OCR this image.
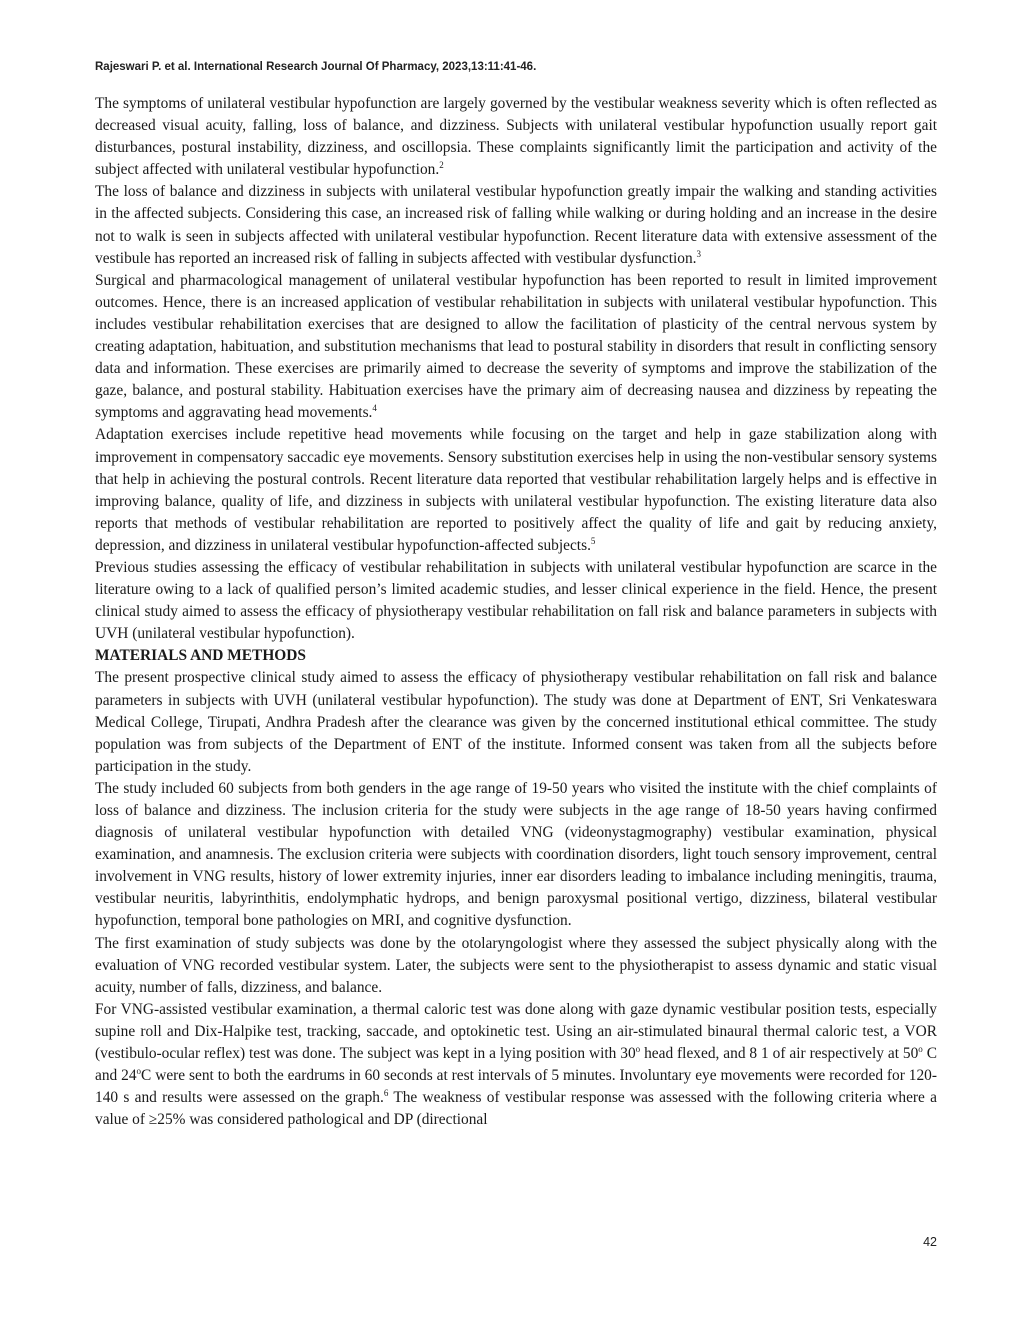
Rajeswari P. et al. International Research Journal Of Pharmacy, 2023,13:11:41-46.

The symptoms of unilateral vestibular hypofunction are largely governed by the vestibular weakness severity which is often reflected as decreased visual acuity, falling, loss of balance, and dizziness. Subjects with unilateral vestibular hypofunction usually report gait disturbances, postural instability, dizziness, and oscillopsia. These complaints significantly limit the participation and activity of the subject affected with unilateral vestibular hypofunction.$^2$

The loss of balance and dizziness in subjects with unilateral vestibular hypofunction greatly impair the walking and standing activities in the affected subjects. Considering this case, an increased risk of falling while walking or during holding and an increase in the desire not to walk is seen in subjects affected with unilateral vestibular hypofunction. Recent literature data with extensive assessment of the vestibule has reported an increased risk of falling in subjects affected with vestibular dysfunction.$^3$

Surgical and pharmacological management of unilateral vestibular hypofunction has been reported to result in limited improvement outcomes. Hence, there is an increased application of vestibular rehabilitation in subjects with unilateral vestibular hypofunction. This includes vestibular rehabilitation exercises that are designed to allow the facilitation of plasticity of the central nervous system by creating adaptation, habituation, and substitution mechanisms that lead to postural stability in disorders that result in conflicting sensory data and information. These exercises are primarily aimed to decrease the severity of symptoms and improve the stabilization of the gaze, balance, and postural stability. Habituation exercises have the primary aim of decreasing nausea and dizziness by repeating the symptoms and aggravating head movements.$^4$

Adaptation exercises include repetitive head movements while focusing on the target and help in gaze stabilization along with improvement in compensatory saccadic eye movements. Sensory substitution exercises help in using the non-vestibular sensory systems that help in achieving the postural controls. Recent literature data reported that vestibular rehabilitation largely helps and is effective in improving balance, quality of life, and dizziness in subjects with unilateral vestibular hypofunction. The existing literature data also reports that methods of vestibular rehabilitation are reported to positively affect the quality of life and gait by reducing anxiety, depression, and dizziness in unilateral vestibular hypofunction-affected subjects.$^5$

Previous studies assessing the efficacy of vestibular rehabilitation in subjects with unilateral vestibular hypofunction are scarce in the literature owing to a lack of qualified person’s limited academic studies, and lesser clinical experience in the field. Hence, the present clinical study aimed to assess the efficacy of physiotherapy vestibular rehabilitation on fall risk and balance parameters in subjects with UVH (unilateral vestibular hypofunction).

MATERIALS AND METHODS

The present prospective clinical study aimed to assess the efficacy of physiotherapy vestibular rehabilitation on fall risk and balance parameters in subjects with UVH (unilateral vestibular hypofunction). The study was done at Department of ENT, Sri Venkateswara Medical College, Tirupati, Andhra Pradesh after the clearance was given by the concerned institutional ethical committee. The study population was from subjects of the Department of ENT of the institute. Informed consent was taken from all the subjects before participation in the study.

The study included 60 subjects from both genders in the age range of 19-50 years who visited the institute with the chief complaints of loss of balance and dizziness. The inclusion criteria for the study were subjects in the age range of 18-50 years having confirmed diagnosis of unilateral vestibular hypofunction with detailed VNG (videonystagmography) vestibular examination, physical examination, and anamnesis. The exclusion criteria were subjects with coordination disorders, light touch sensory improvement, central involvement in VNG results, history of lower extremity injuries, inner ear disorders leading to imbalance including meningitis, trauma, vestibular neuritis, labyrinthitis, endolymphatic hydrops, and benign paroxysmal positional vertigo, dizziness, bilateral vestibular hypofunction, temporal bone pathologies on MRI, and cognitive dysfunction.

The first examination of study subjects was done by the otolaryngologist where they assessed the subject physically along with the evaluation of VNG recorded vestibular system. Later, the subjects were sent to the physiotherapist to assess dynamic and static visual acuity, number of falls, dizziness, and balance.

For VNG-assisted vestibular examination, a thermal caloric test was done along with gaze dynamic vestibular position tests, especially supine roll and Dix-Halpike test, tracking, saccade, and optokinetic test. Using an air-stimulated binaural thermal caloric test, a VOR (vestibulo-ocular reflex) test was done. The subject was kept in a lying position with 30$^o$ head flexed, and 8 1 of air respectively at 50$^o$ C and 24$^o$C were sent to both the eardrums in 60 seconds at rest intervals of 5 minutes. Involuntary eye movements were recorded for 120-140 s and results were assessed on the graph.$^6$ The weakness of vestibular response was assessed with the following criteria where a value of ≥25% was considered pathological and DP (directional

42
